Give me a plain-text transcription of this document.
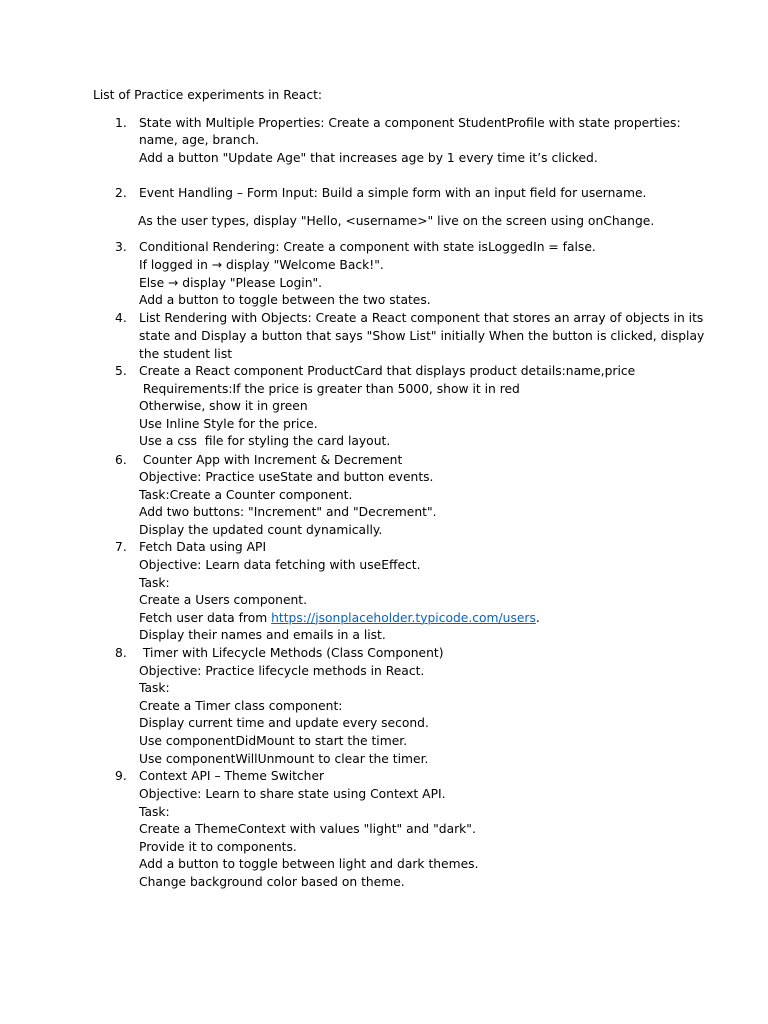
List of Practice experiments in React:
1. State with Multiple Properties: Create a component StudentProfile with state properties:
name, age, branch.
Add a button "Update Age" that increases age by 1 every time it’s clicked.
2. Event Handling – Form Input: Build a simple form with an input field for username.
As the user types, display "Hello, <username>" live on the screen using onChange.
3. Conditional Rendering: Create a component with state isLoggedIn = false.
If logged in → display "Welcome Back!".
Else → display "Please Login".
Add a button to toggle between the two states.
4. List Rendering with Objects: Create a React component that stores an array of objects in its
state and Display a button that says "Show List" initially When the button is clicked, display
the student list
5. Create a React component ProductCard that displays product details:name,price
Requirements:If the price is greater than 5000, show it in red
Otherwise, show it in green
Use Inline Style for the price.
Use a css  file for styling the card layout.
6. Counter App with Increment & Decrement
Objective: Practice useState and button events.
Task:Create a Counter component.
Add two buttons: "Increment" and "Decrement".
Display the updated count dynamically.
7. Fetch Data using API
Objective: Learn data fetching with useEffect.
Task:
Create a Users component.
Fetch user data from https://jsonplaceholder.typicode.com/users.
Display their names and emails in a list.
8. Timer with Lifecycle Methods (Class Component)
Objective: Practice lifecycle methods in React.
Task:
Create a Timer class component:
Display current time and update every second.
Use componentDidMount to start the timer.
Use componentWillUnmount to clear the timer.
9. Context API – Theme Switcher
Objective: Learn to share state using Context API.
Task:
Create a ThemeContext with values "light" and "dark".
Provide it to components.
Add a button to toggle between light and dark themes.
Change background color based on theme.
